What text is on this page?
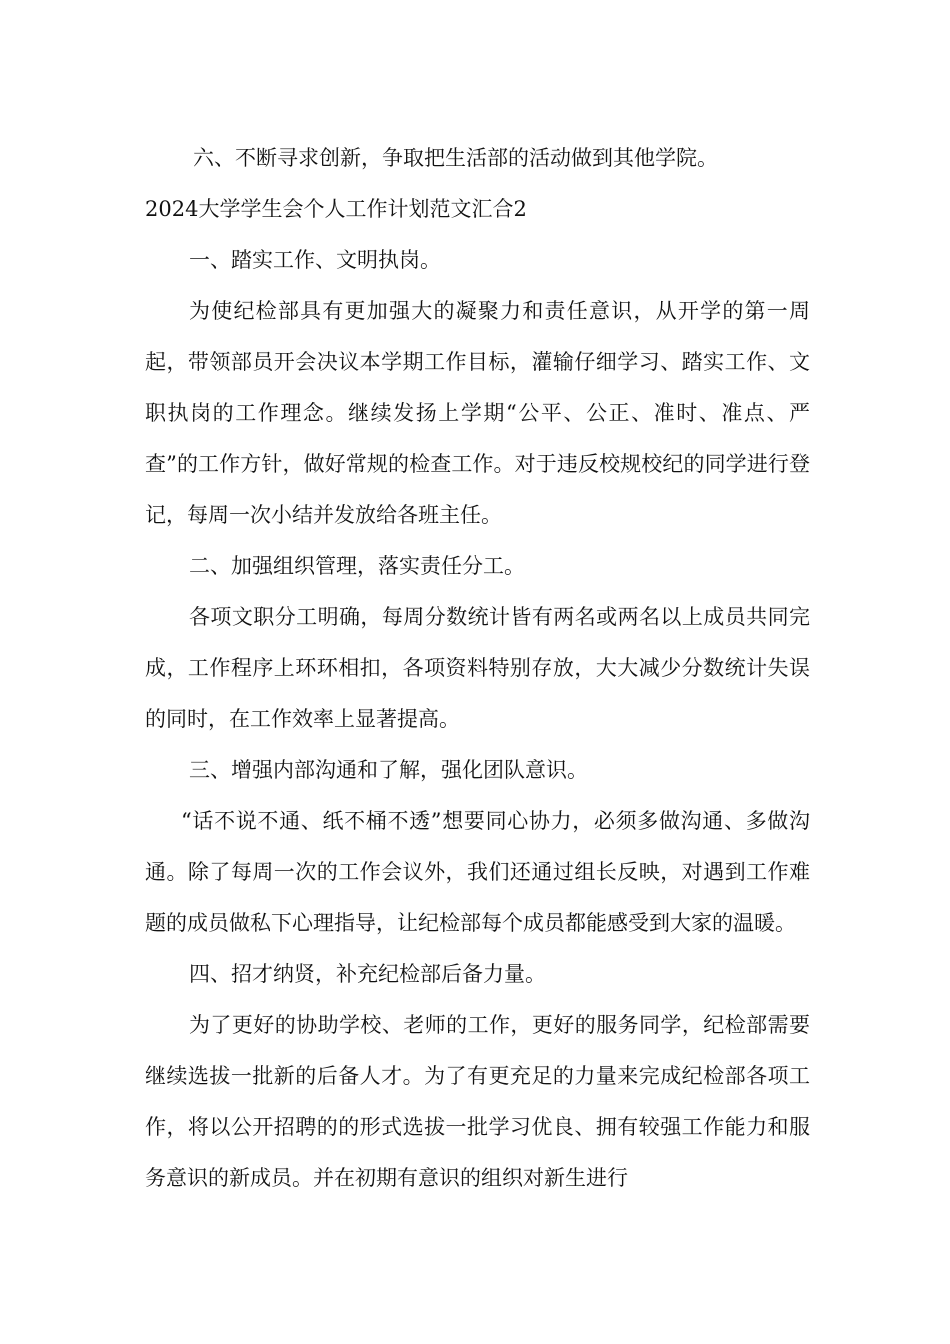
六、不断寻求创新，争取把生活部的活动做到其他学院。

2024大学学生会个人工作计划范文汇合2

一、踏实工作、文明执岗。

为使纪检部具有更加强大的凝聚力和责任意识，从开学的第一周起，带领部员开会决议本学期工作目标，灌输仔细学习、踏实工作、文职执岗的工作理念。继续发扬上学期“公平、公正、准时、准点、严查”的工作方针，做好常规的检查工作。对于违反校规校纪的同学进行登记，每周一次小结并发放给各班主任。

二、加强组织管理，落实责任分工。

各项文职分工明确，每周分数统计皆有两名或两名以上成员共同完成，工作程序上环环相扣，各项资料特别存放，大大减少分数统计失误的同时，在工作效率上显著提高。

三、增强内部沟通和了解，强化团队意识。

“话不说不通、纸不桶不透”想要同心协力，必须多做沟通、多做沟通。除了每周一次的工作会议外，我们还通过组长反映，对遇到工作难题的成员做私下心理指导，让纪检部每个成员都能感受到大家的温暖。

四、招才纳贤，补充纪检部后备力量。

为了更好的协助学校、老师的工作，更好的服务同学，纪检部需要继续选拔一批新的后备人才。为了有更充足的力量来完成纪检部各项工作，将以公开招聘的的形式选拔一批学习优良、拥有较强工作能力和服务意识的新成员。并在初期有意识的组织对新生进行
